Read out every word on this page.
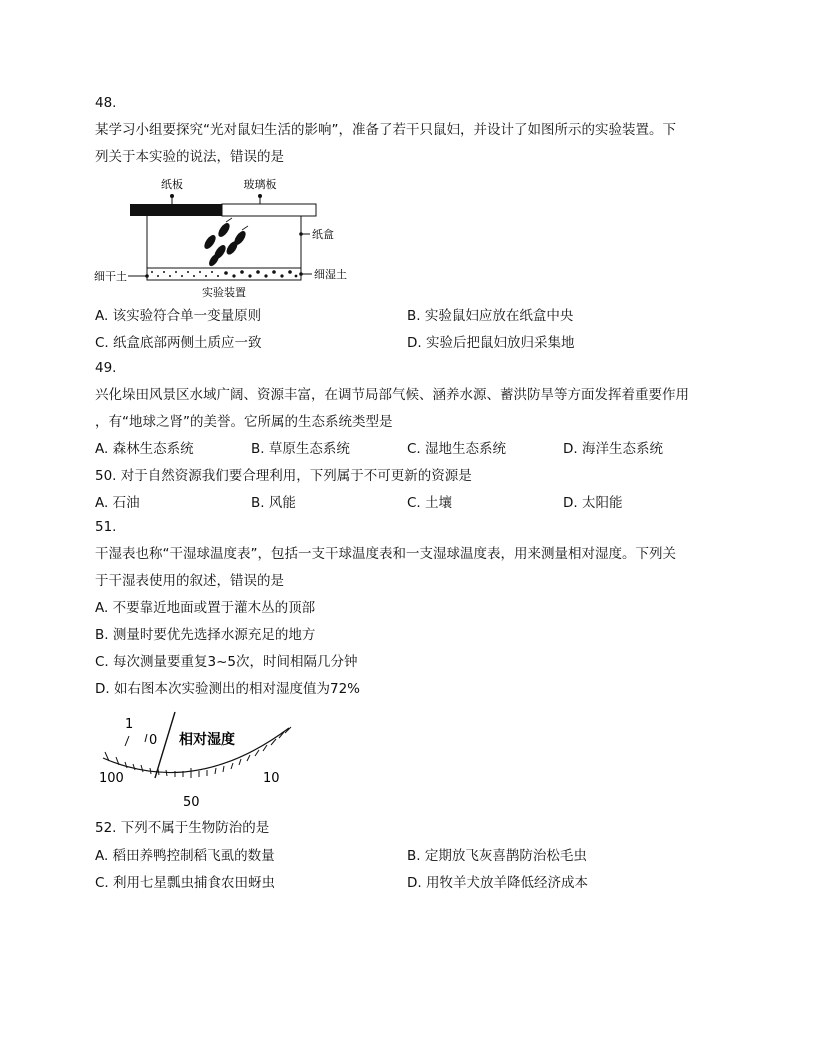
48.
某学习小组要探究“光对鼠妇生活的影响”，准备了若干只鼠妇，并设计了如图所示的实验装置。下
列关于本实验的说法，错误的是
纸板	玻璃板
纸盒
细干土	细湿土
实验装置
A. 该实验符合单一变量原则	B. 实验鼠妇应放在纸盒中央
C. 纸盒底部两侧土质应一致	D. 实验后把鼠妇放归采集地
49.
兴化垛田风景区水域广阔、资源丰富，在调节局部气候、涵养水源、蓄洪防旱等方面发挥着重要作用
，有“地球之肾”的美誉。它所属的生态系统类型是
A. 森林生态系统	B. 草原生态系统	C. 湿地生态系统	D. 海洋生态系统
50. 对于自然资源我们要合理利用，下列属于不可更新的资源是
A. 石油	B. 风能	C. 土壤	D. 太阳能
51.
干湿表也称“干湿球温度表”，包括一支干球温度表和一支湿球温度表，用来测量相对湿度。下列关
于干湿表使用的叙述，错误的是
A. 不要靠近地面或置于灌木丛的顶部
B. 测量时要优先选择水源充足的地方
C. 每次测量要重复3~5次，时间相隔几分钟
D. 如右图本次实验测出的相对湿度值为72%
1
0 相对湿度
100
50
10
52. 下列不属于生物防治的是
A. 稻田养鸭控制稻飞虱的数量	B. 定期放飞灰喜鹊防治松毛虫
C. 利用七星瓢虫捕食农田蚜虫	D. 用牧羊犬放羊降低经济成本
